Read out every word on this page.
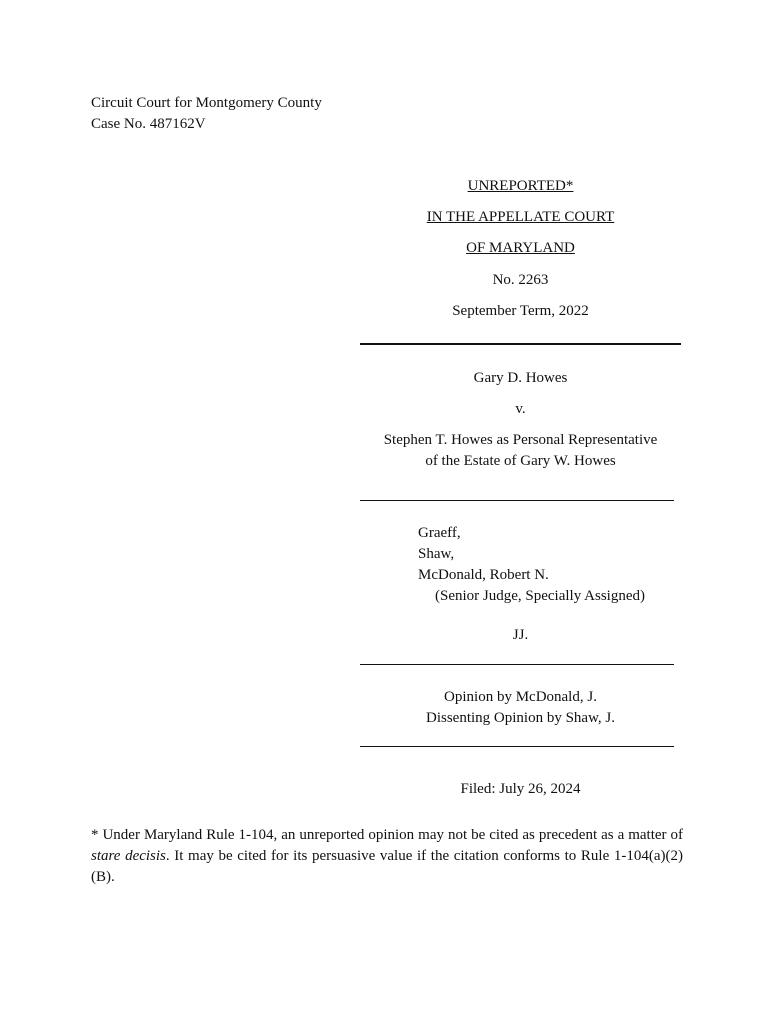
Circuit Court for Montgomery County

Case No. 487162V

UNREPORTED*
IN THE APPELLATE COURT
OF MARYLAND
No. 2263
September Term, 2022
Gary D. Howes
v.
Stephen T. Howes as Personal Representative
of the Estate of Gary W. Howes
Graeff,
Shaw,
McDonald, Robert N.
(Senior Judge, Specially Assigned)
JJ.
Opinion by McDonald, J.
Dissenting Opinion by Shaw, J.
Filed: July 26, 2024

* Under Maryland Rule 1-104, an unreported opinion may not be cited as precedent as a matter of stare decisis. It may be cited for its persuasive value if the citation conforms to Rule 1-104(a)(2)(B).
